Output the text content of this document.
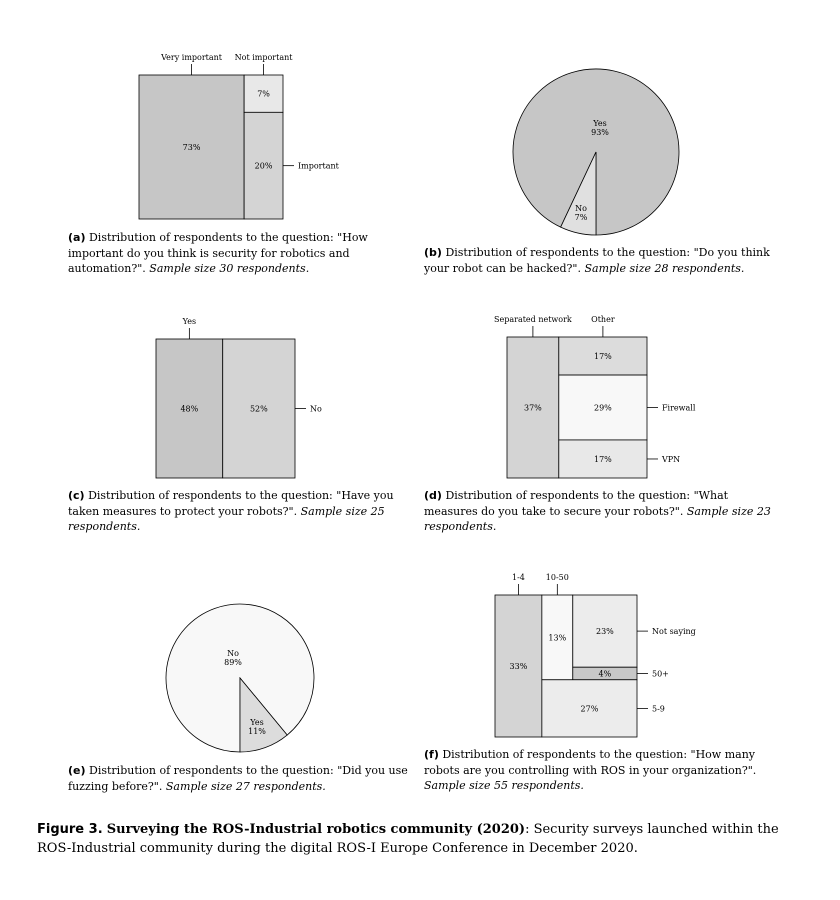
73%
7%
20%
Very important Not important
Important
Yes
93%
No
7%
48%	52%
Yes
No	37%
17%
29%
17%
Separated network Other
Firewall
VPN
No
89%
Yes
11%
33%
13%
23%
4%
27%
1-4	10-50
Not saying
50+
5-9

(a) Distribution of respondents to the question: "How important do you think is security for robotics and automation?". Sample size 30 respondents.

(b) Distribution of respondents to the question: "Do you think your robot can be hacked?". Sample size 28 respondents.

(c) Distribution of respondents to the question: "Have you taken measures to protect your robots?". Sample size 25 respondents.

(d) Distribution of respondents to the question: "What measures do you take to secure your robots?". Sample size 23 respondents.

(e) Distribution of respondents to the question: "Did you use fuzzing before?". Sample size 27 respondents.

(f) Distribution of respondents to the question: "How many robots are you controlling with ROS in your organization?". Sample size 55 respondents.

Figure 3. Surveying the ROS-Industrial robotics community (2020): Security surveys launched within the ROS-Industrial community during the digital ROS-I Europe Conference in December 2020.
